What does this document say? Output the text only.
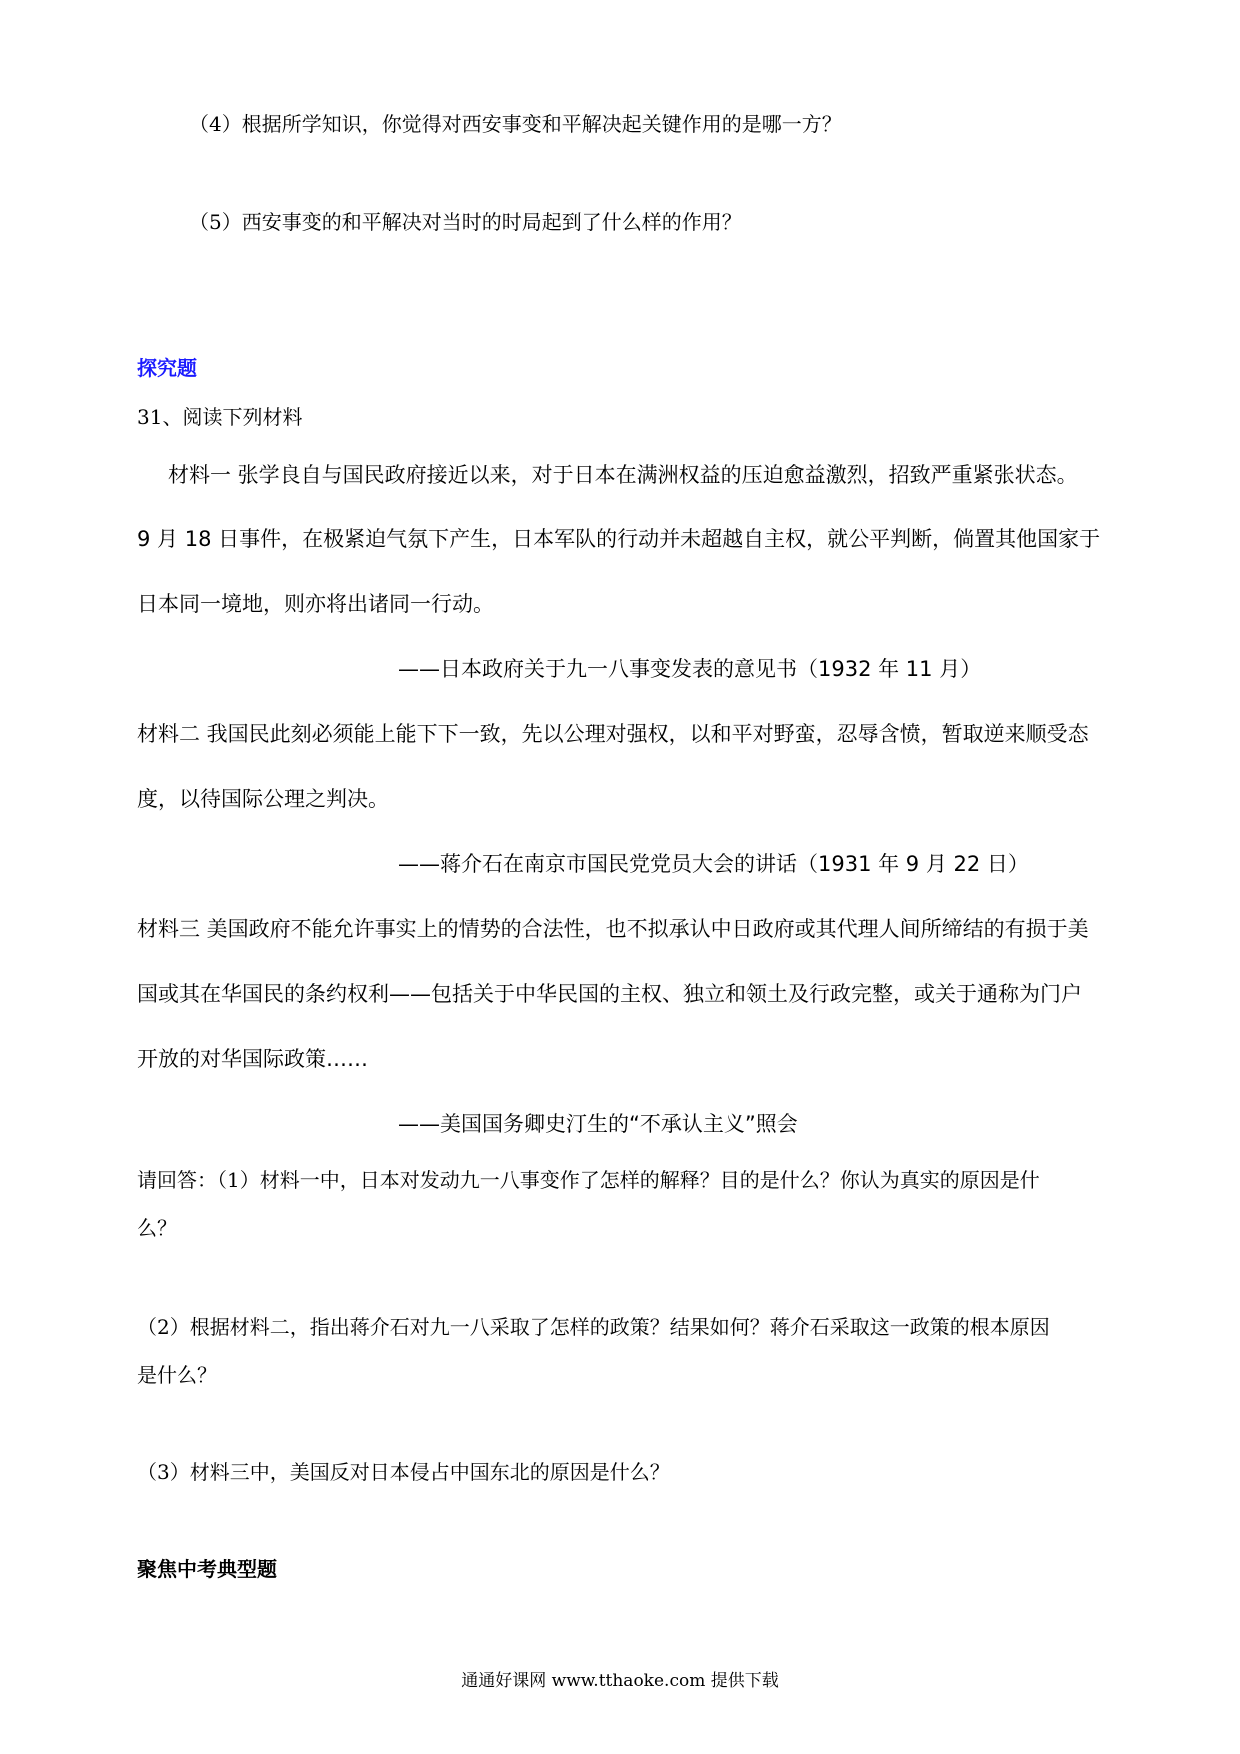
（4）根据所学知识，你觉得对西安事变和平解决起关键作用的是哪一方？

（5）西安事变的和平解决对当时的时局起到了什么样的作用？

探究题

31、阅读下列材料

材料一 张学良自与国民政府接近以来，对于日本在满洲权益的压迫愈益激烈，招致严重紧张状态。

9 月 18 日事件，在极紧迫气氛下产生，日本军队的行动并未超越自主权，就公平判断，倘置其他国家于

日本同一境地，则亦将出诸同一行动。

——日本政府关于九一八事变发表的意见书（1932 年 11 月）

材料二 我国民此刻必须能上能下下一致，先以公理对强权，以和平对野蛮，忍辱含愤，暂取逆来顺受态

度，以待国际公理之判决。

——蒋介石在南京市国民党党员大会的讲话（1931 年 9 月 22 日）

材料三 美国政府不能允许事实上的情势的合法性，也不拟承认中日政府或其代理人间所缔结的有损于美

国或其在华国民的条约权利——包括关于中华民国的主权、独立和领土及行政完整，或关于通称为门户

开放的对华国际政策……

——美国国务卿史汀生的“不承认主义”照会

请回答：（1）材料一中，日本对发动九一八事变作了怎样的解释？目的是什么？你认为真实的原因是什

么？

（2）根据材料二，指出蒋介石对九一八采取了怎样的政策？结果如何？蒋介石采取这一政策的根本原因

是什么？

（3）材料三中，美国反对日本侵占中国东北的原因是什么？

聚焦中考典型题

通通好课网 www.tthaoke.com 提供下载
